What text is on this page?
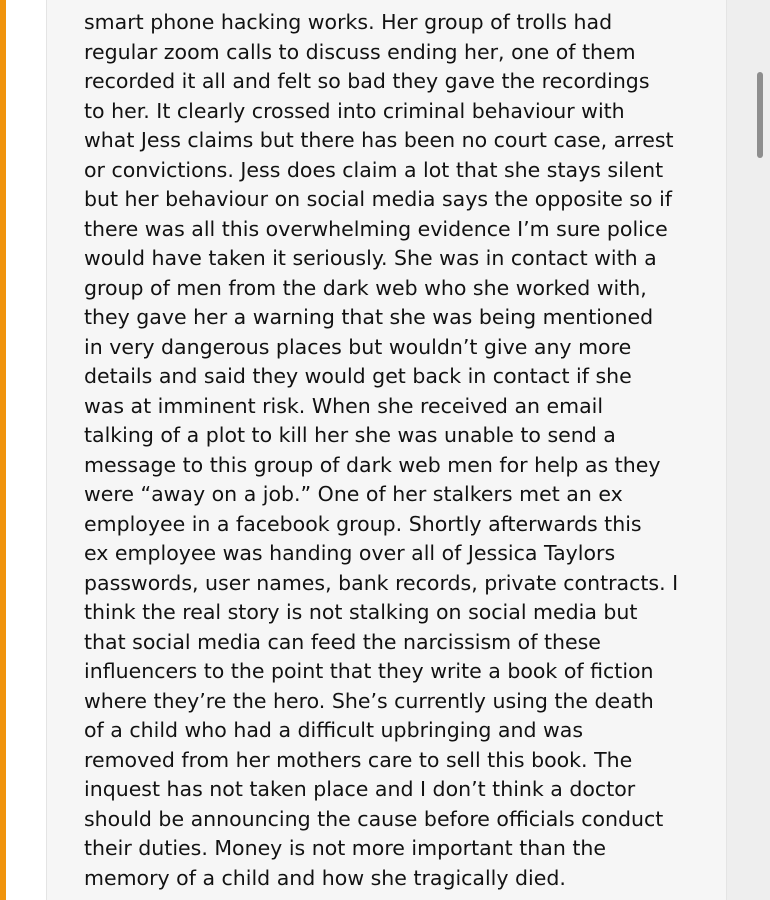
smart phone hacking works. Her group of trolls had
regular zoom calls to discuss ending her, one of them
recorded it all and felt so bad they gave the recordings
to her. It clearly crossed into criminal behaviour with
what Jess claims but there has been no court case, arrest
or convictions. Jess does claim a lot that she stays silent
but her behaviour on social media says the opposite so if
there was all this overwhelming evidence I’m sure police
would have taken it seriously. She was in contact with a
group of men from the dark web who she worked with,
they gave her a warning that she was being mentioned
in very dangerous places but wouldn’t give any more
details and said they would get back in contact if she
was at imminent risk. When she received an email
talking of a plot to kill her she was unable to send a
message to this group of dark web men for help as they
were “away on a job.” One of her stalkers met an ex
employee in a facebook group. Shortly afterwards this
ex employee was handing over all of Jessica Taylors
passwords, user names, bank records, private contracts. I
think the real story is not stalking on social media but
that social media can feed the narcissism of these
influencers to the point that they write a book of fiction
where they’re the hero. She’s currently using the death
of a child who had a difficult upbringing and was
removed from her mothers care to sell this book. The
inquest has not taken place and I don’t think a doctor
should be announcing the cause before officials conduct
their duties. Money is not more important than the
memory of a child and how she tragically died.
